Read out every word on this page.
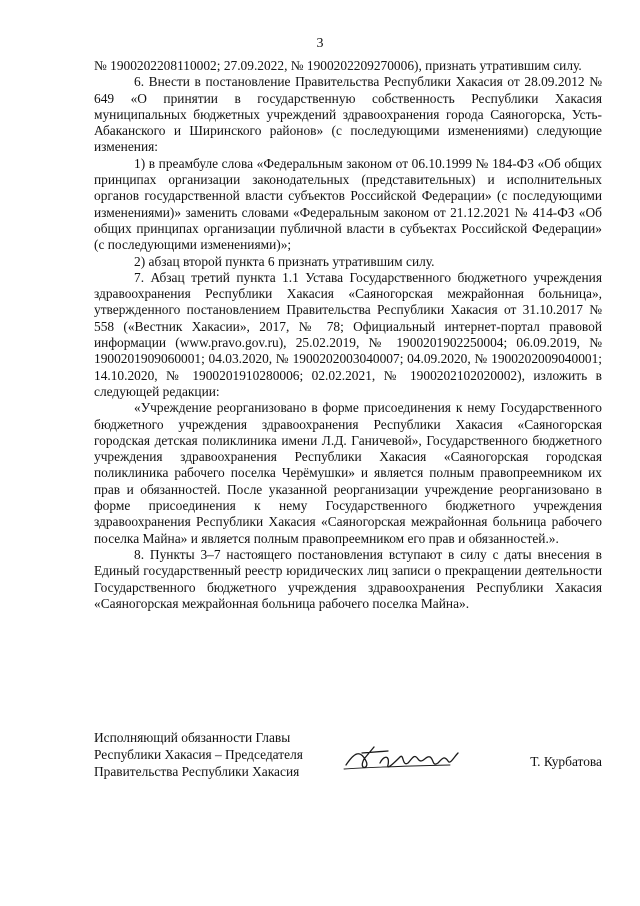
3

№ 1900202208110002; 27.09.2022, № 1900202209270006), признать утратившим силу.

6. Внести в постановление Правительства Республики Хакасия от 28.09.2012 № 649 «О принятии в государственную собственность Республики Хакасия муниципальных бюджетных учреждений здравоохранения города Саяногорска, Усть-Абаканского и Ширинского районов» (с последующими изменениями) следующие изменения:

1) в преамбуле слова «Федеральным законом от 06.10.1999 № 184-ФЗ «Об общих принципах организации законодательных (представительных) и исполнительных органов государственной власти субъектов Российской Федерации» (с последующими изменениями)» заменить словами «Федеральным законом от 21.12.2021 № 414-ФЗ «Об общих принципах организации публичной власти в субъектах Российской Федерации» (с последующими изменениями)»;

2) абзац второй пункта 6 признать утратившим силу.

7. Абзац третий пункта 1.1 Устава Государственного бюджетного учреждения здравоохранения Республики Хакасия «Саяногорская межрайонная больница», утвержденного постановлением Правительства Республики Хакасия от 31.10.2017 № 558 («Вестник Хакасии», 2017, № 78; Официальный интернет-портал правовой информации (www.pravo.gov.ru), 25.02.2019, № 1900201902250004; 06.09.2019, № 1900201909060001; 04.03.2020, № 1900202003040007; 04.09.2020, № 1900202009040001; 14.10.2020, № 1900201910280006; 02.02.2021, № 1900202102020002), изложить в следующей редакции:

«Учреждение реорганизовано в форме присоединения к нему Государственного бюджетного учреждения здравоохранения Республики Хакасия «Саяногорская городская детская поликлиника имени Л.Д. Ганичевой», Государственного бюджетного учреждения здравоохранения Республики Хакасия «Саяногорская городская поликлиника рабочего поселка Черёмушки» и является полным правопреемником их прав и обязанностей. После указанной реорганизации учреждение реорганизовано в форме присоединения к нему Государственного бюджетного учреждения здравоохранения Республики Хакасия «Саяногорская межрайонная больница рабочего поселка Майна» и является полным правопреемником его прав и обязанностей.».

8. Пункты 3–7 настоящего постановления вступают в силу с даты внесения в Единый государственный реестр юридических лиц записи о прекращении деятельности Государственного бюджетного учреждения здравоохранения Республики Хакасия «Саяногорская межрайонная больница рабочего поселка Майна».

Исполняющий обязанности Главы
Республики Хакасия – Председателя
Правительства Республики Хакасия
Т. Курбатова
